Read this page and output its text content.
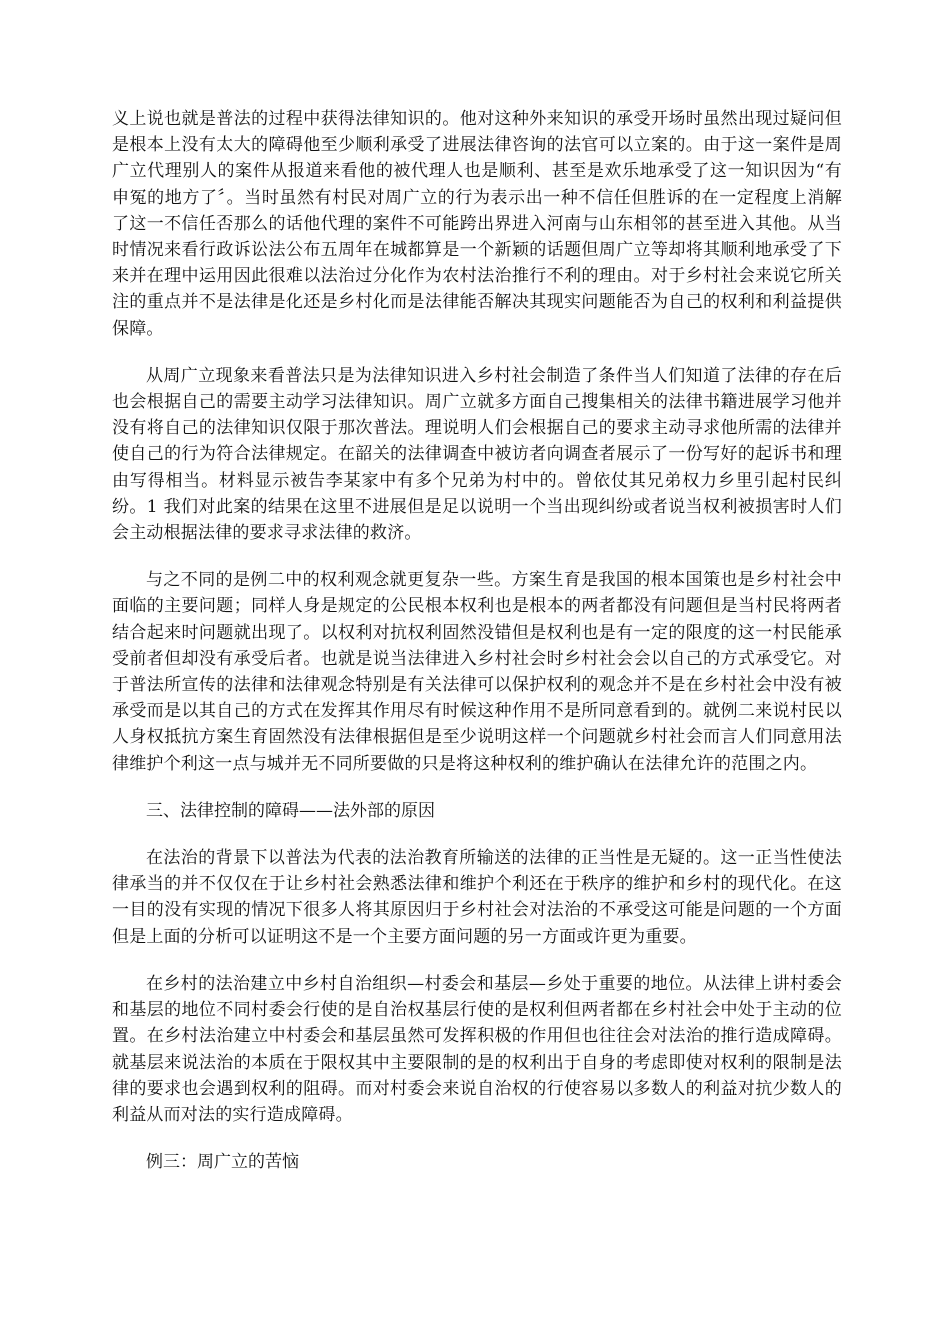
义上说也就是普法的过程中获得法律知识的。他对这种外来知识的承受开场时虽然出现过疑问但是根本上没有太大的障碍他至少顺利承受了进展法律咨询的法官可以立案的。由于这一案件是周广立代理别人的案件从报道来看他的被代理人也是顺利、甚至是欢乐地承受了这一知识因为“有申冤的地方了〞。当时虽然有村民对周广立的行为表示出一种不信任但胜诉的在一定程度上消解了这一不信任否那么的话他代理的案件不可能跨出界进入河南与山东相邻的甚至进入其他。从当时情况来看行政诉讼法公布五周年在城都算是一个新颖的话题但周广立等却将其顺利地承受了下来并在理中运用因此很难以法治过分化作为农村法治推行不利的理由。对于乡村社会来说它所关注的重点并不是法律是化还是乡村化而是法律能否解决其现实问题能否为自己的权利和利益提供保障。

从周广立现象来看普法只是为法律知识进入乡村社会制造了条件当人们知道了法律的存在后也会根据自己的需要主动学习法律知识。周广立就多方面自己搜集相关的法律书籍进展学习他并没有将自己的法律知识仅限于那次普法。理说明人们会根据自己的要求主动寻求他所需的法律并使自己的行为符合法律规定。在韶关的法律调查中被访者向调查者展示了一份写好的起诉书和理由写得相当。材料显示被告李某家中有多个兄弟为村中的。曾依仗其兄弟权力乡里引起村民纠纷。1 我们对此案的结果在这里不进展但是足以说明一个当出现纠纷或者说当权利被损害时人们会主动根据法律的要求寻求法律的救济。

与之不同的是例二中的权利观念就更复杂一些。方案生育是我国的根本国策也是乡村社会中面临的主要问题；同样人身是规定的公民根本权利也是根本的两者都没有问题但是当村民将两者结合起来时问题就出现了。以权利对抗权利固然没错但是权利也是有一定的限度的这一村民能承受前者但却没有承受后者。也就是说当法律进入乡村社会时乡村社会会以自己的方式承受它。对于普法所宣传的法律和法律观念特别是有关法律可以保护权利的观念并不是在乡村社会中没有被承受而是以其自己的方式在发挥其作用尽有时候这种作用不是所同意看到的。就例二来说村民以人身权抵抗方案生育固然没有法律根据但是至少说明这样一个问题就乡村社会而言人们同意用法律维护个利这一点与城并无不同所要做的只是将这种权利的维护确认在法律允许的范围之内。

三、法律控制的障碍——法外部的原因

在法治的背景下以普法为代表的法治教育所输送的法律的正当性是无疑的。这一正当性使法律承当的并不仅仅在于让乡村社会熟悉法律和维护个利还在于秩序的维护和乡村的现代化。在这一目的没有实现的情况下很多人将其原因归于乡村社会对法治的不承受这可能是问题的一个方面但是上面的分析可以证明这不是一个主要方面问题的另一方面或许更为重要。

在乡村的法治建立中乡村自治组织—村委会和基层—乡处于重要的地位。从法律上讲村委会和基层的地位不同村委会行使的是自治权基层行使的是权利但两者都在乡村社会中处于主动的位置。在乡村法治建立中村委会和基层虽然可发挥积极的作用但也往往会对法治的推行造成障碍。就基层来说法治的本质在于限权其中主要限制的是的权利出于自身的考虑即使对权利的限制是法律的要求也会遇到权利的阻碍。而对村委会来说自治权的行使容易以多数人的利益对抗少数人的利益从而对法的实行造成障碍。

例三：周广立的苦恼
